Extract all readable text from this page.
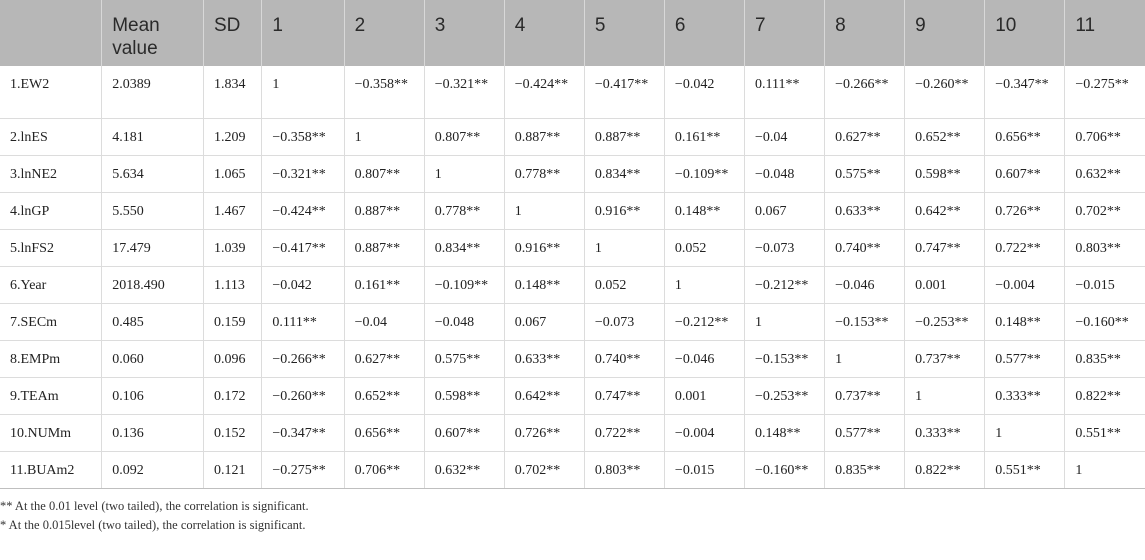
	Mean value	SD	1	2	3	4	5	6	7	8	9	10	11
1.EW2	2.0389	1.834	1	−0.358**	−0.321**	−0.424**	−0.417**	−0.042	0.111**	−0.266**	−0.260**	−0.347**	−0.275**
2.lnES	4.181	1.209	−0.358**	1	0.807**	0.887**	0.887**	0.161**	−0.04	0.627**	0.652**	0.656**	0.706**
3.lnNE2	5.634	1.065	−0.321**	0.807**	1	0.778**	0.834**	−0.109**	−0.048	0.575**	0.598**	0.607**	0.632**
4.lnGP	5.550	1.467	−0.424**	0.887**	0.778**	1	0.916**	0.148**	0.067	0.633**	0.642**	0.726**	0.702**
5.lnFS2	17.479	1.039	−0.417**	0.887**	0.834**	0.916**	1	0.052	−0.073	0.740**	0.747**	0.722**	0.803**
6.Year	2018.490	1.113	−0.042	0.161**	−0.109**	0.148**	0.052	1	−0.212**	−0.046	0.001	−0.004	−0.015
7.SECm	0.485	0.159	0.111**	−0.04	−0.048	0.067	−0.073	−0.212**	1	−0.153**	−0.253**	0.148**	−0.160**
8.EMPm	0.060	0.096	−0.266**	0.627**	0.575**	0.633**	0.740**	−0.046	−0.153**	1	0.737**	0.577**	0.835**
9.TEAm	0.106	0.172	−0.260**	0.652**	0.598**	0.642**	0.747**	0.001	−0.253**	0.737**	1	0.333**	0.822**
10.NUMm	0.136	0.152	−0.347**	0.656**	0.607**	0.726**	0.722**	−0.004	0.148**	0.577**	0.333**	1	0.551**
11.BUAm2	0.092	0.121	−0.275**	0.706**	0.632**	0.702**	0.803**	−0.015	−0.160**	0.835**	0.822**	0.551**	1
** At the 0.01 level (two tailed), the correlation is significant.
* At the 0.015level (two tailed), the correlation is significant.
